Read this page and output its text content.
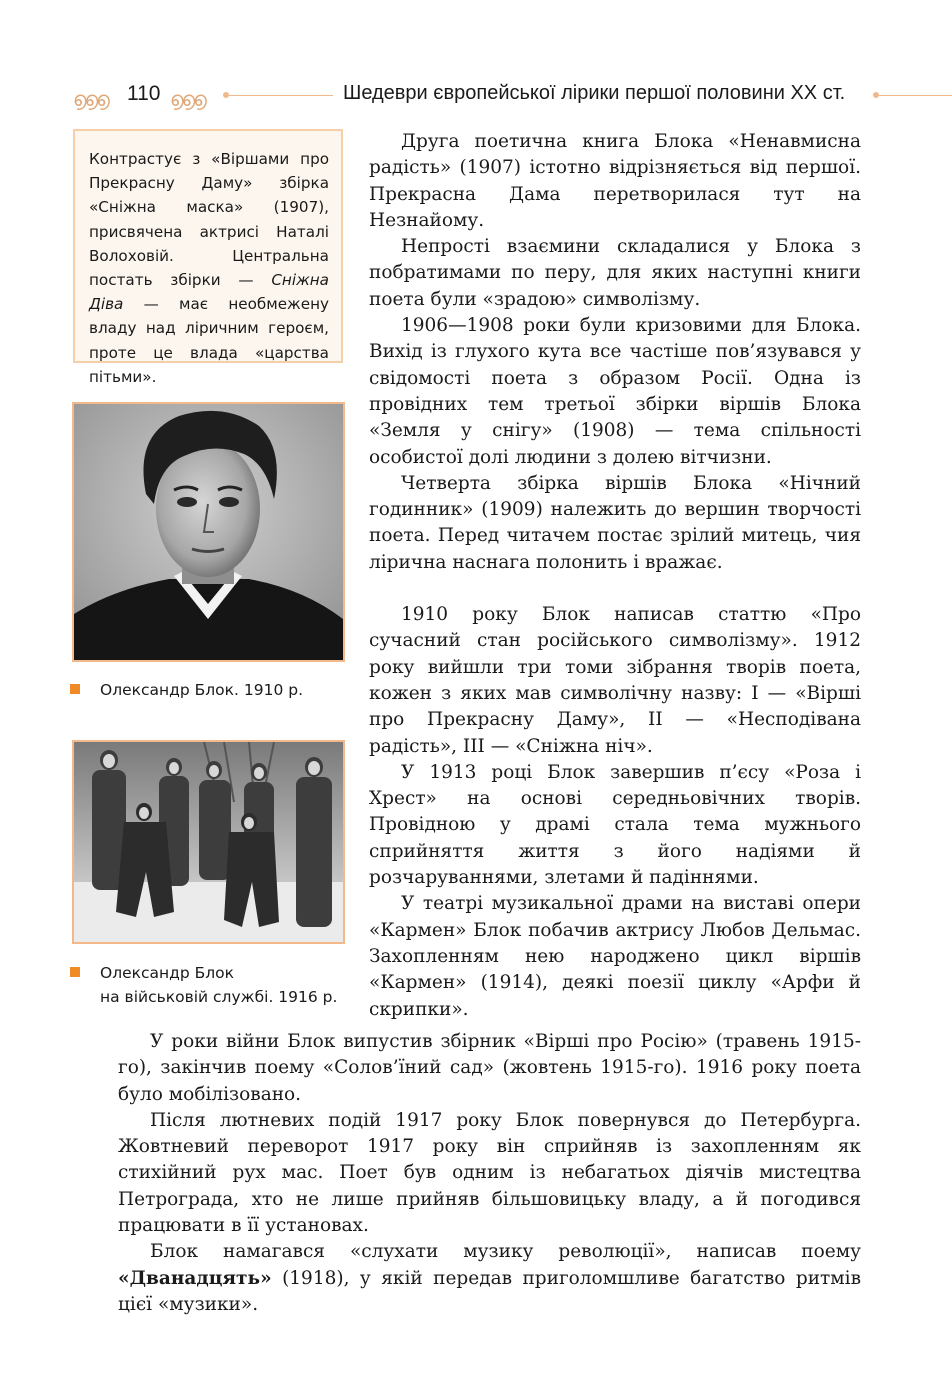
൭൭൭ 110 ൭൭൭	Шедеври європейської лірики першої половини XX ст.
Контрастує з «Віршами про Прекрасну Даму» збірка «Сніжна маска» (1907), присвячена актрисі Наталі Волоховій. Центральна постать збірки — Сніжна Діва — має необмежену владу над ліричним героєм, проте це влада «царства пітьми».
Олександр Блок. 1910 р.
Олександр Блок
на військовій службі. 1916 р.

Друга поетична книга Блока «Ненавмисна радість» (1907) істотно відрізняється від першої. Прекрасна Дама перетворилася тут на Незнайому.

Непрості взаємини складалися у Блока з побратимами по перу, для яких наступні книги поета були «зрадою» символізму.

1906—1908 роки були кризовими для Блока. Вихід із глухого кута все частіше пов’язувався у свідомості поета з образом Росії. Одна із провідних тем третьої збірки віршів Блока «Земля у снігу» (1908) — тема спільності особистої долі людини з долею вітчизни.

Четверта збірка віршів Блока «Нічний годинник» (1909) належить до вершин творчості поета. Перед читачем постає зрілий митець, чия лірична наснага полонить і вражає.

1910 року Блок написав статтю «Про сучасний стан російського символізму». 1912 року вийшли три томи зібрання творів поета, кожен з яких мав символічну назву: I — «Вірші про Прекрасну Даму», II — «Несподівана радість», III — «Сніжна ніч».

У 1913 році Блок завершив п’єсу «Роза і Хрест» на основі середньовічних творів. Провідною у драмі стала тема мужнього сприйняття життя з його надіями й розчаруваннями, злетами й падіннями.

У театрі музикальної драми на виставі опери «Кармен» Блок побачив актрису Любов Дельмас. Захопленням нею народжено цикл віршів «Кармен» (1914), деякі поезії циклу «Арфи й скрипки».

У роки війни Блок випустив збірник «Вірші про Росію» (травень 1915-го), закінчив поему «Солов’їний сад» (жовтень 1915-го). 1916 року поета було мобілізовано.

Після лютневих подій 1917 року Блок повернувся до Петербурга. Жовтневий переворот 1917 року він сприйняв із захопленням як стихійний рух мас. Поет був одним із небагатьох діячів мистецтва Петрограда, хто не лише прийняв більшовицьку владу, а й погодився працювати в її установах.

Блок намагався «слухати музику революції», написав поему «Дванадцять» (1918), у якій передав приголомшливе багатство ритмів цієї «музики».
